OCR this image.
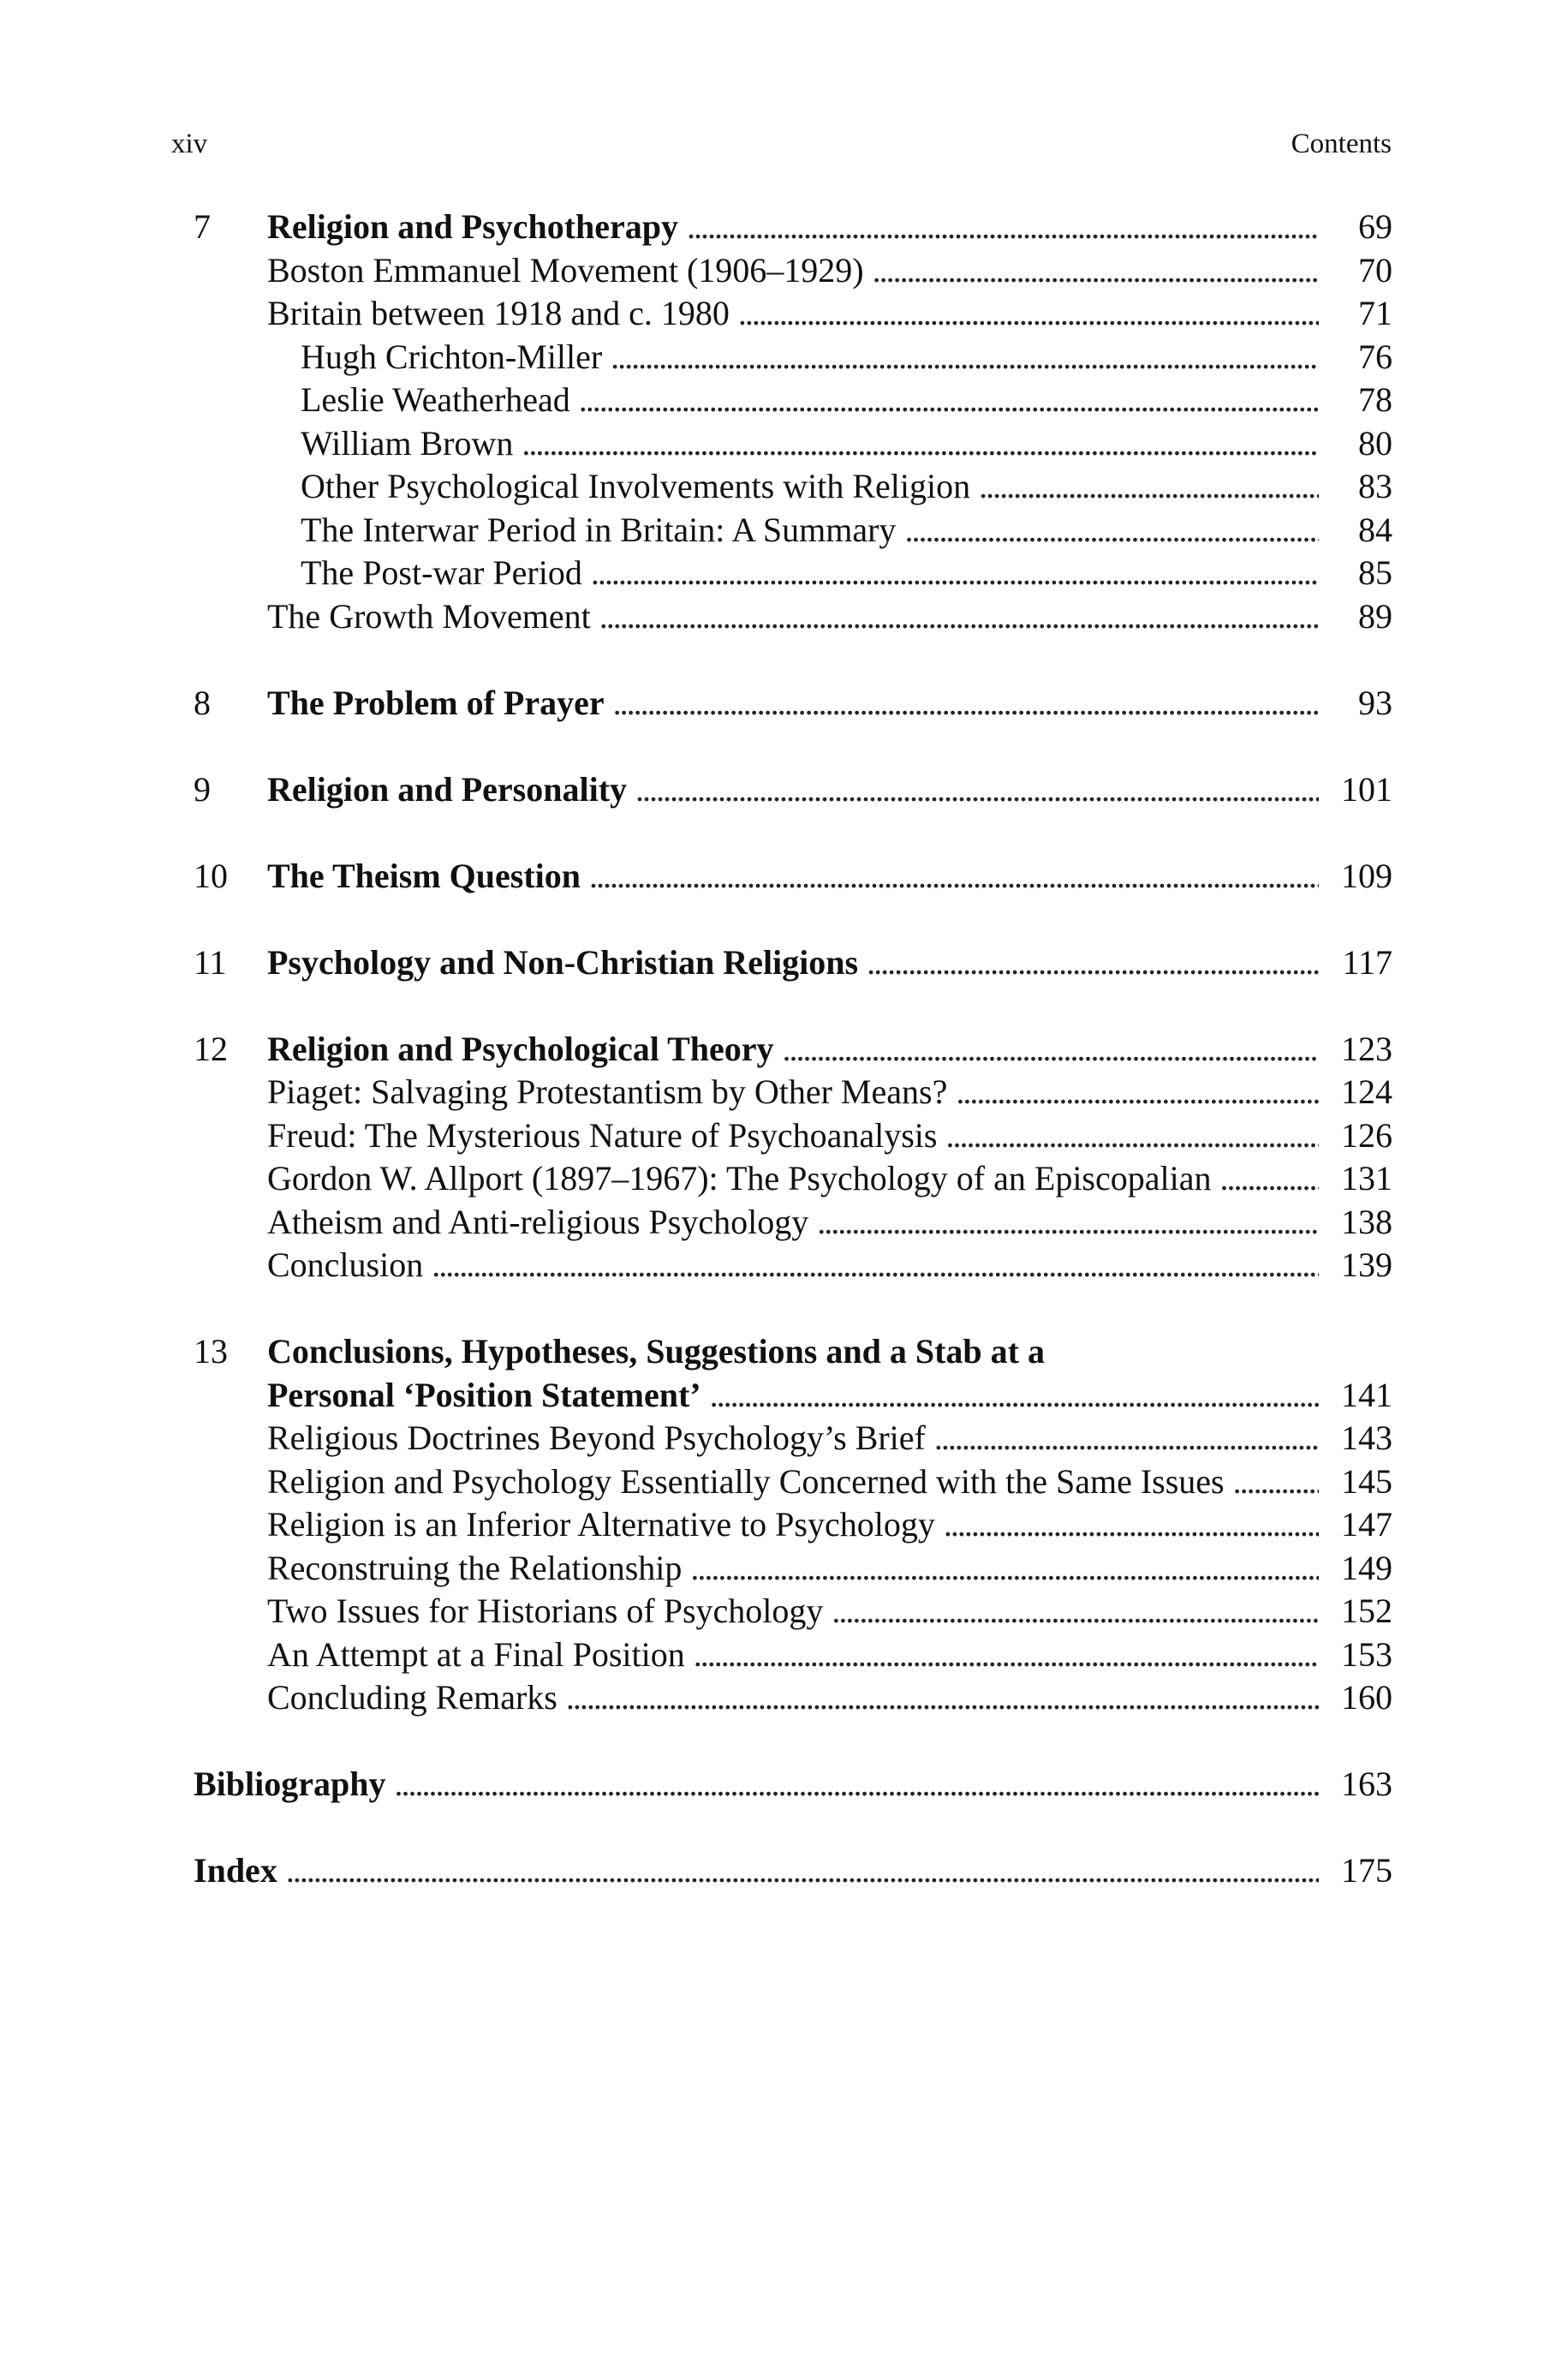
xiv	Contents
7	Religion and Psychotherapy . . .	69
Boston Emmanuel Movement (1906–1929) . . .	70
Britain between 1918 and c. 1980 . . .	71
Hugh Crichton-Miller . . .	76
Leslie Weatherhead . . .	78
William Brown . . .	80
Other Psychological Involvements with Religion . . .	83
The Interwar Period in Britain: A Summary . . .	84
The Post-war Period . . .	85
The Growth Movement . . .	89
8	The Problem of Prayer . . .	93
9	Religion and Personality . . .	101
10	The Theism Question . . .	109
11	Psychology and Non-Christian Religions . . .	117
12	Religion and Psychological Theory . . .	123
Piaget: Salvaging Protestantism by Other Means? . . .	124
Freud: The Mysterious Nature of Psychoanalysis . . .	126
Gordon W. Allport (1897–1967): The Psychology of an Episcopalian . . .	131
Atheism and Anti-religious Psychology . . .	138
Conclusion . . .	139
13	Conclusions, Hypotheses, Suggestions and a Stab at a
Personal ‘Position Statement’ . . .	141
Religious Doctrines Beyond Psychology’s Brief . . .	143
Religion and Psychology Essentially Concerned with the Same Issues . . .	145
Religion is an Inferior Alternative to Psychology . . .	147
Reconstruing the Relationship . . .	149
Two Issues for Historians of Psychology . . .	152
An Attempt at a Final Position . . .	153
Concluding Remarks . . .	160
Bibliography . . .	163
Index . . .	175
